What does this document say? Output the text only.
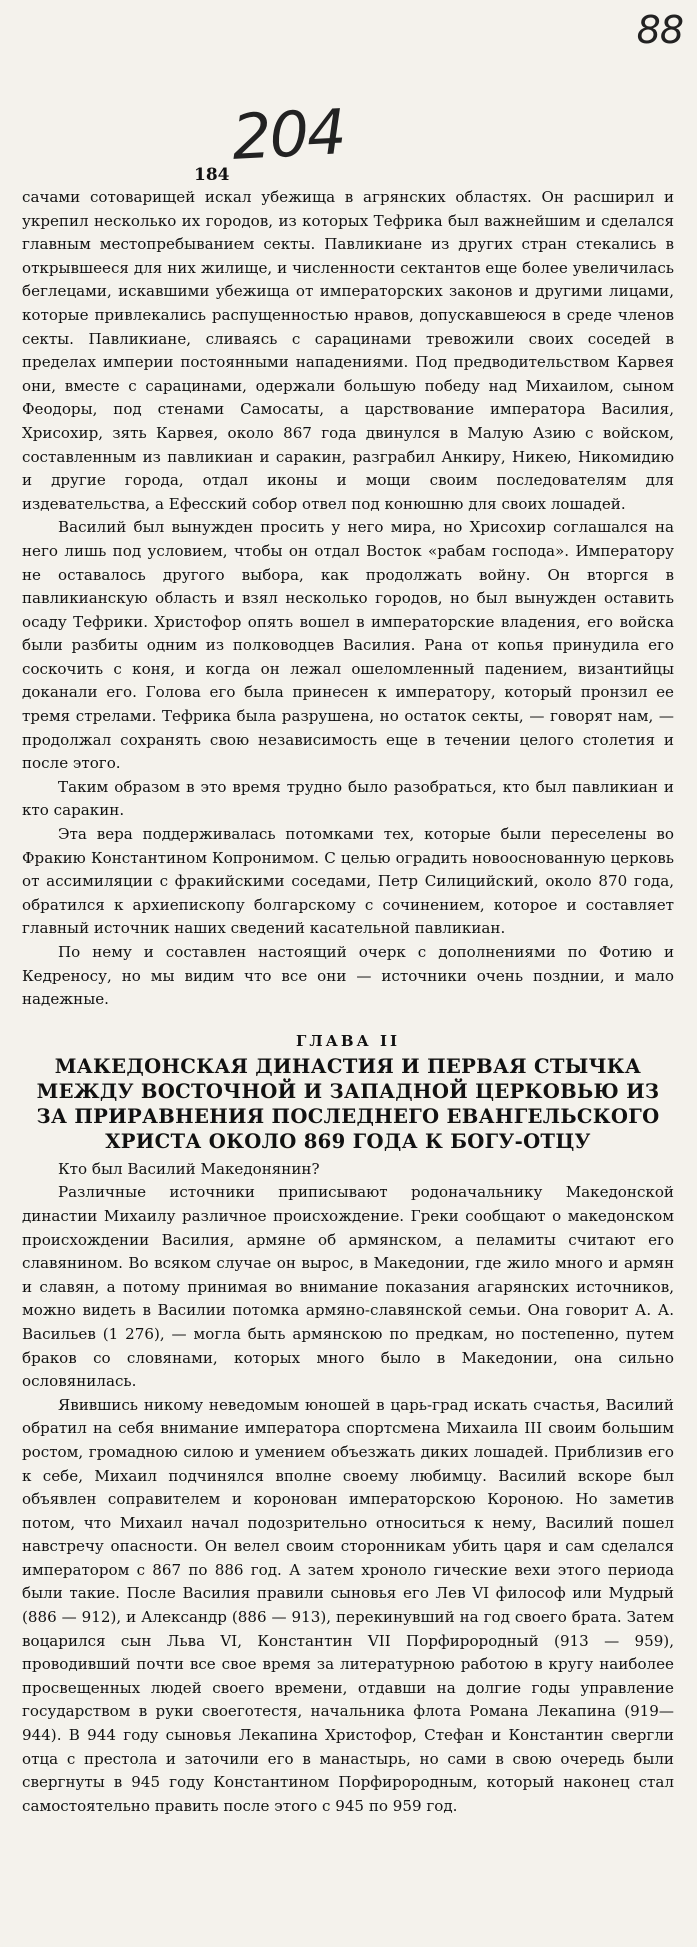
88
204
184

сачами сотоварищей искал убежища в агрянских областях. Он расширил и укрепил несколько их городов, из которых Тефрика был важнейшим и сделался главным местопребыванием секты. Павликиане из других стран стекались в открывшееся для них жилище, и численности сектантов еще более увеличилась беглецами, искавшими убежища от императорских законов и другими лицами, которые привлекались распущенностью нравов, допускавшеюся в среде членов секты. Павликиане, сливаясь с сарацинами тревожили своих соседей в пределах империи постоянными нападениями. Под предводительством Карвея они, вместе с сарацинами, одержали большую победу над Михаилом, сыном Феодоры, под стенами Самосаты, а царствование императора Василия, Хрисохир, зять Карвея, около 867 года двинулся в Малую Азию с войском, составленным из павликиан и саракин, разграбил Анкиру, Никею, Никомидию и другие города, отдал иконы и мощи своим последователям для издевательства, а Ефесский собор отвел под конюшню для своих лошадей.

Василий был вынужден просить у него мира, но Хрисохир соглашался на него лишь под условием, чтобы он отдал Восток «рабам господа». Императору не оставалось другого выбора, как продолжать войну. Он вторгся в павликианскую область и взял несколько городов, но был вынужден оставить осаду Тефрики. Христофор опять вошел в императорские владения, его войска были разбиты одним из полководцев Василия. Рана от копья принудила его соскочить с коня, и когда он лежал ошеломленный падением, византийцы доканали его. Голова его была принесен к императору, который пронзил ее тремя стрелами. Тефрика была разрушена, но остаток секты, — говорят нам, — продолжал сохранять свою независимость еще в течении целого столетия и после этого.

Таким образом в это время трудно было разобраться, кто был павликиан и кто саракин.

Эта вера поддерживалась потомками тех, которые были переселены во Фракию Константином Копронимом. С целью оградить новооснованную церковь от ассимиляции с фракийскими соседами, Петр Силицийский, около 870 года, обратился к архиепископу болгарскому с сочинением, которое и составляет главный источник наших сведений касательной павликиан.

По нему и составлен настоящий очерк с дополнениями по Фотию и Кедреносу, но мы видим что все они — источники очень позднии, и мало надежные.

ГЛАВА II
МАКЕДОНСКАЯ ДИНАСТИЯ И ПЕРВАЯ СТЫЧКА МЕЖДУ ВОСТОЧНОЙ И ЗАПАДНОЙ ЦЕРКОВЬЮ ИЗ ЗА ПРИРАВНЕНИЯ ПОСЛЕДНЕГО ЕВАНГЕЛЬСКОГО ХРИСТА ОКОЛО 869 ГОДА К БОГУ-ОТЦУ

Кто был Василий Македонянин?

Различные источники приписывают родоначальнику Македонской династии Михаилу различное происхождение. Греки сообщают о македонском происхождении Василия, армяне об армянском, а пеламиты считают его славянином. Во всяком случае он вырос, в Македонии, где жило много и армян и славян, а потому принимая во внимание показания агарянских источников, можно видеть в Василии потомка армяно-славянской семьи. Она говорит А. А. Васильев (1 276), — могла быть армянскою по предкам, но постепенно, путем браков со словянами, которых много было в Македонии, она сильно ословянилась.

Явившись никому неведомым юношей в царь-град искать счастья, Василий обратил на себя внимание императора спортсмена Михаила III своим большим ростом, громадною силою и умением объезжать диких лошадей. Приблизив его к себе, Михаил подчинялся вполне своему любимцу. Василий вскоре был объявлен соправителем и коронован императорскою Короною. Но заметив потом, что Михаил начал подозрительно относиться к нему, Василий пошел навстречу опасности. Он велел своим сторонникам убить царя и сам сделался императором с 867 по 886 год. А затем хроноло гические вехи этого периода были такие. После Василия правили сыновья его Лев VI философ или Мудрый (886 — 912), и Александр (886 — 913), перекинувший на год своего брата. Затем воцарился сын Льва VI, Константин VII Порфирородный (913 — 959), проводивший почти все свое время за литературною работою в кругу наиболее просвещенных людей своего времени, отдавши на долгие годы управление государством в руки своеготестя, начальника флота Романа Лекапина (919—944). В 944 году сыновья Лекапина Христофор, Стефан и Константин свергли отца с престола и заточили его в манастырь, но сами в свою очередь были свергнуты в 945 году Константином Порфирородным, который наконец стал самостоятельно править после этого с 945 по 959 год.
